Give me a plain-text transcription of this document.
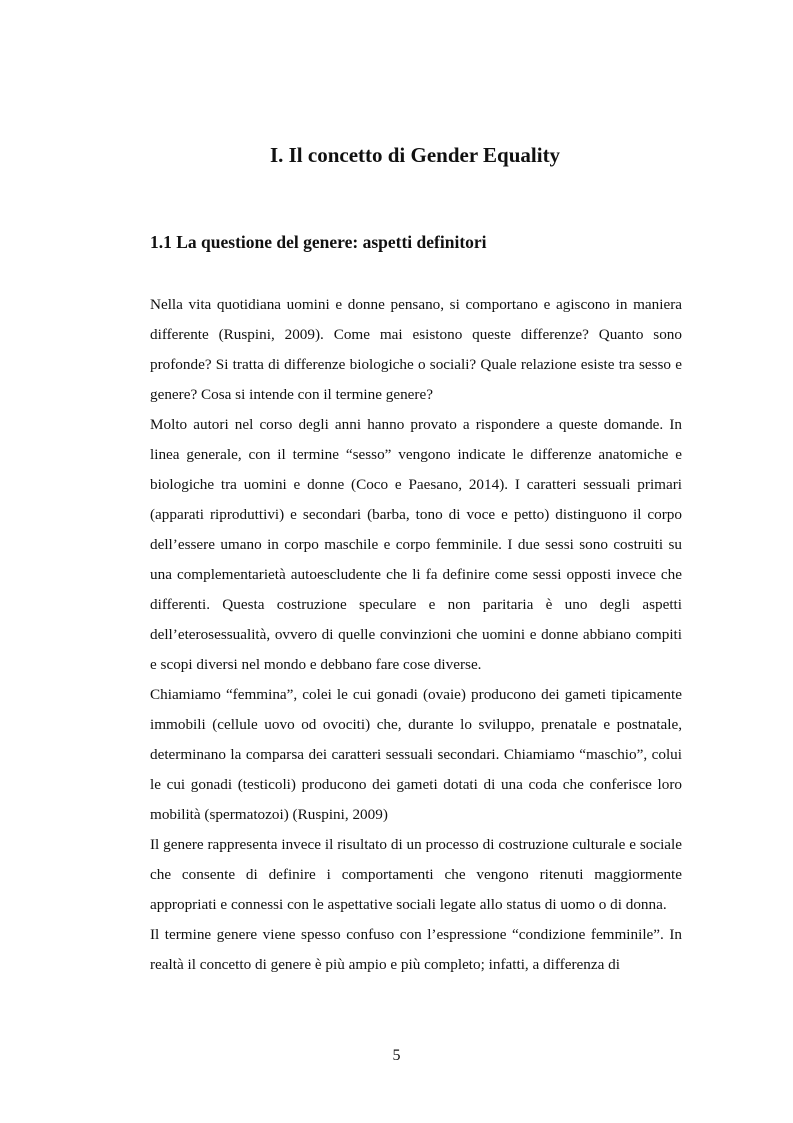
I. Il concetto di Gender Equality
1.1 La questione del genere: aspetti definitori

Nella vita quotidiana uomini e donne pensano, si comportano e agiscono in maniera differente (Ruspini, 2009). Come mai esistono queste differenze? Quanto sono profonde? Si tratta di differenze biologiche o sociali? Quale relazione esiste tra sesso e genere? Cosa si intende con il termine genere?

Molto autori nel corso degli anni hanno provato a rispondere a queste domande. In linea generale, con il termine “sesso” vengono indicate le differenze anatomiche e biologiche tra uomini e donne (Coco e Paesano, 2014). I caratteri sessuali primari (apparati riproduttivi) e secondari (barba, tono di voce e petto) distinguono il corpo dell’essere umano in corpo maschile e corpo femminile. I due sessi sono costruiti su una complementarietà autoescludente che li fa definire come sessi opposti invece che differenti. Questa costruzione speculare e non paritaria è uno degli aspetti dell’eterosessualità, ovvero di quelle convinzioni che uomini e donne abbiano compiti e scopi diversi nel mondo e debbano fare cose diverse.

Chiamiamo “femmina”, colei le cui gonadi (ovaie) producono dei gameti tipicamente immobili (cellule uovo od ovociti) che, durante lo sviluppo, prenatale e postnatale, determinano la comparsa dei caratteri sessuali secondari. Chiamiamo “maschio”, colui le cui gonadi (testicoli) producono dei gameti dotati di una coda che conferisce loro mobilità (spermatozoi) (Ruspini, 2009)

Il genere rappresenta invece il risultato di un processo di costruzione culturale e sociale che consente di definire i comportamenti che vengono ritenuti maggiormente appropriati e connessi con le aspettative sociali legate allo status di uomo o di donna.

Il termine genere viene spesso confuso con l’espressione “condizione femminile”. In realtà il concetto di genere è più ampio e più completo; infatti, a differenza di

5
